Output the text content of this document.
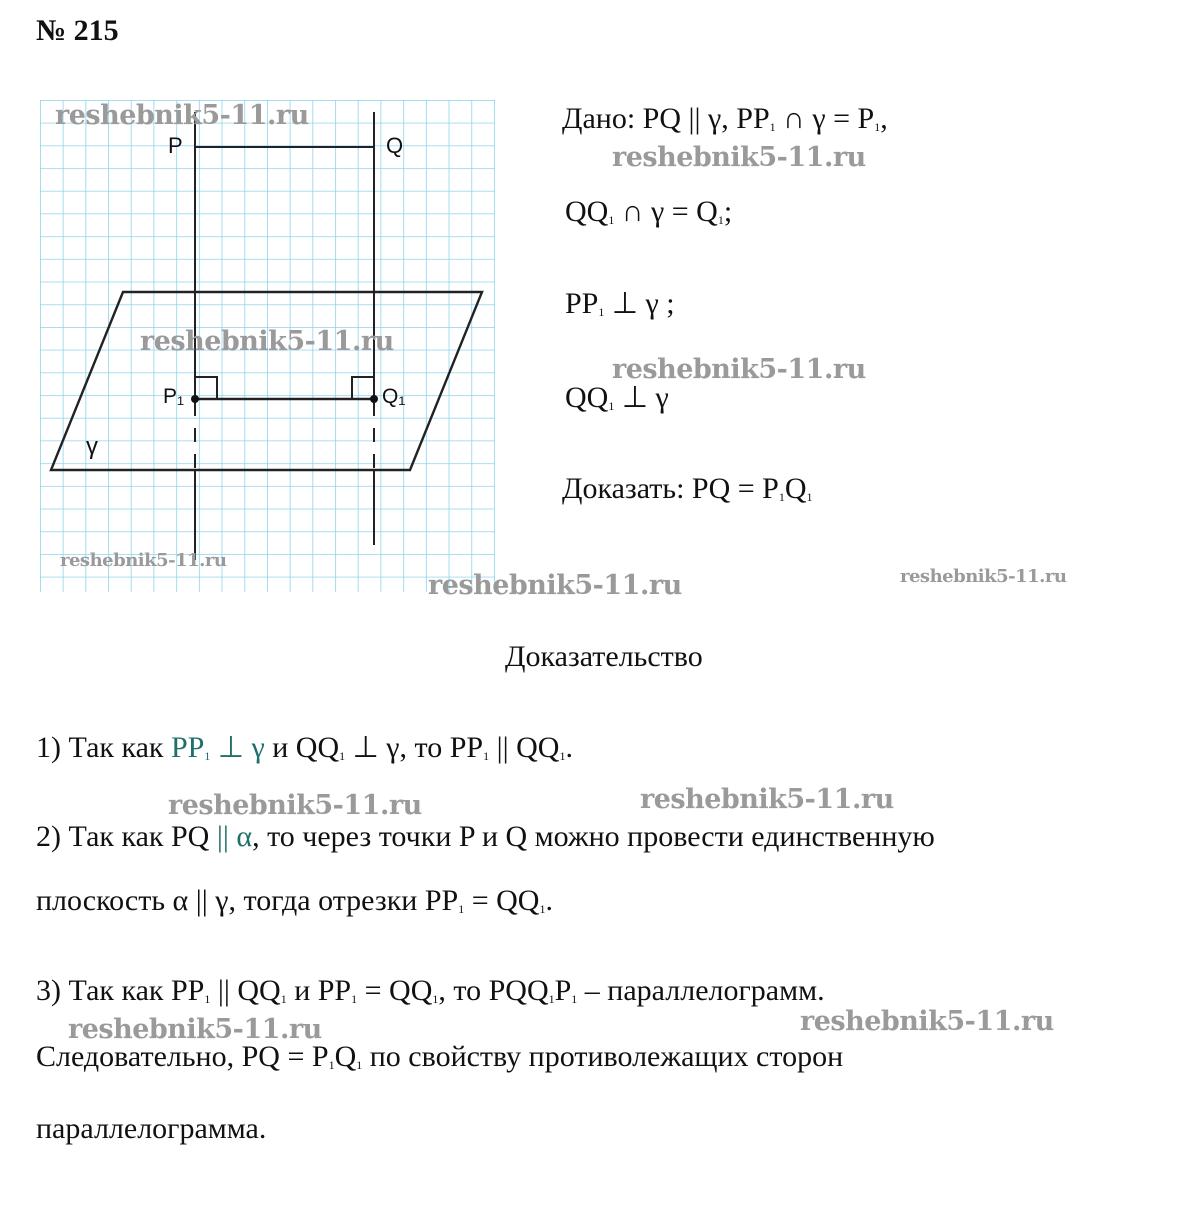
№ 215
P	Q
P₁	Q₁
γ
reshebnik5-11.ru
reshebnik5-11.ru
reshebnik5-11.ru
reshebnik5-11.ru
reshebnik5-11.ru
reshebnik5-11.ru	reshebnik5-11.ru
reshebnik5-11.ru	reshebnik5-11.ru
reshebnik5-11.ru	reshebnik5-11.ru
Дано: PQ || γ, $PP_1$ ∩ $\gamma = P_1$,
$QQ_1$ ∩ $\gamma = Q_1$;
$PP_1$ ⊥ γ ;
$QQ_1$ ⊥ γ
Доказать: PQ = $P_1Q_1$
Доказательство
1) Так как $PP_1$ ⊥ γ и $QQ_1$ ⊥ γ, то $PP_1$ || $QQ_1$.
2) Так как PQ || α, то через точки P и Q можно провести единственную
плоскость α || γ, тогда отрезки $PP_1 = QQ_1$.
3) Так как $PP_1$ || $QQ_1$ и $PP_1 = QQ_1$, то $PQQ_1P_1$ – параллелограмм.
Следовательно, PQ = $P_1Q_1$ по свойству противолежащих сторон
параллелограмма.
